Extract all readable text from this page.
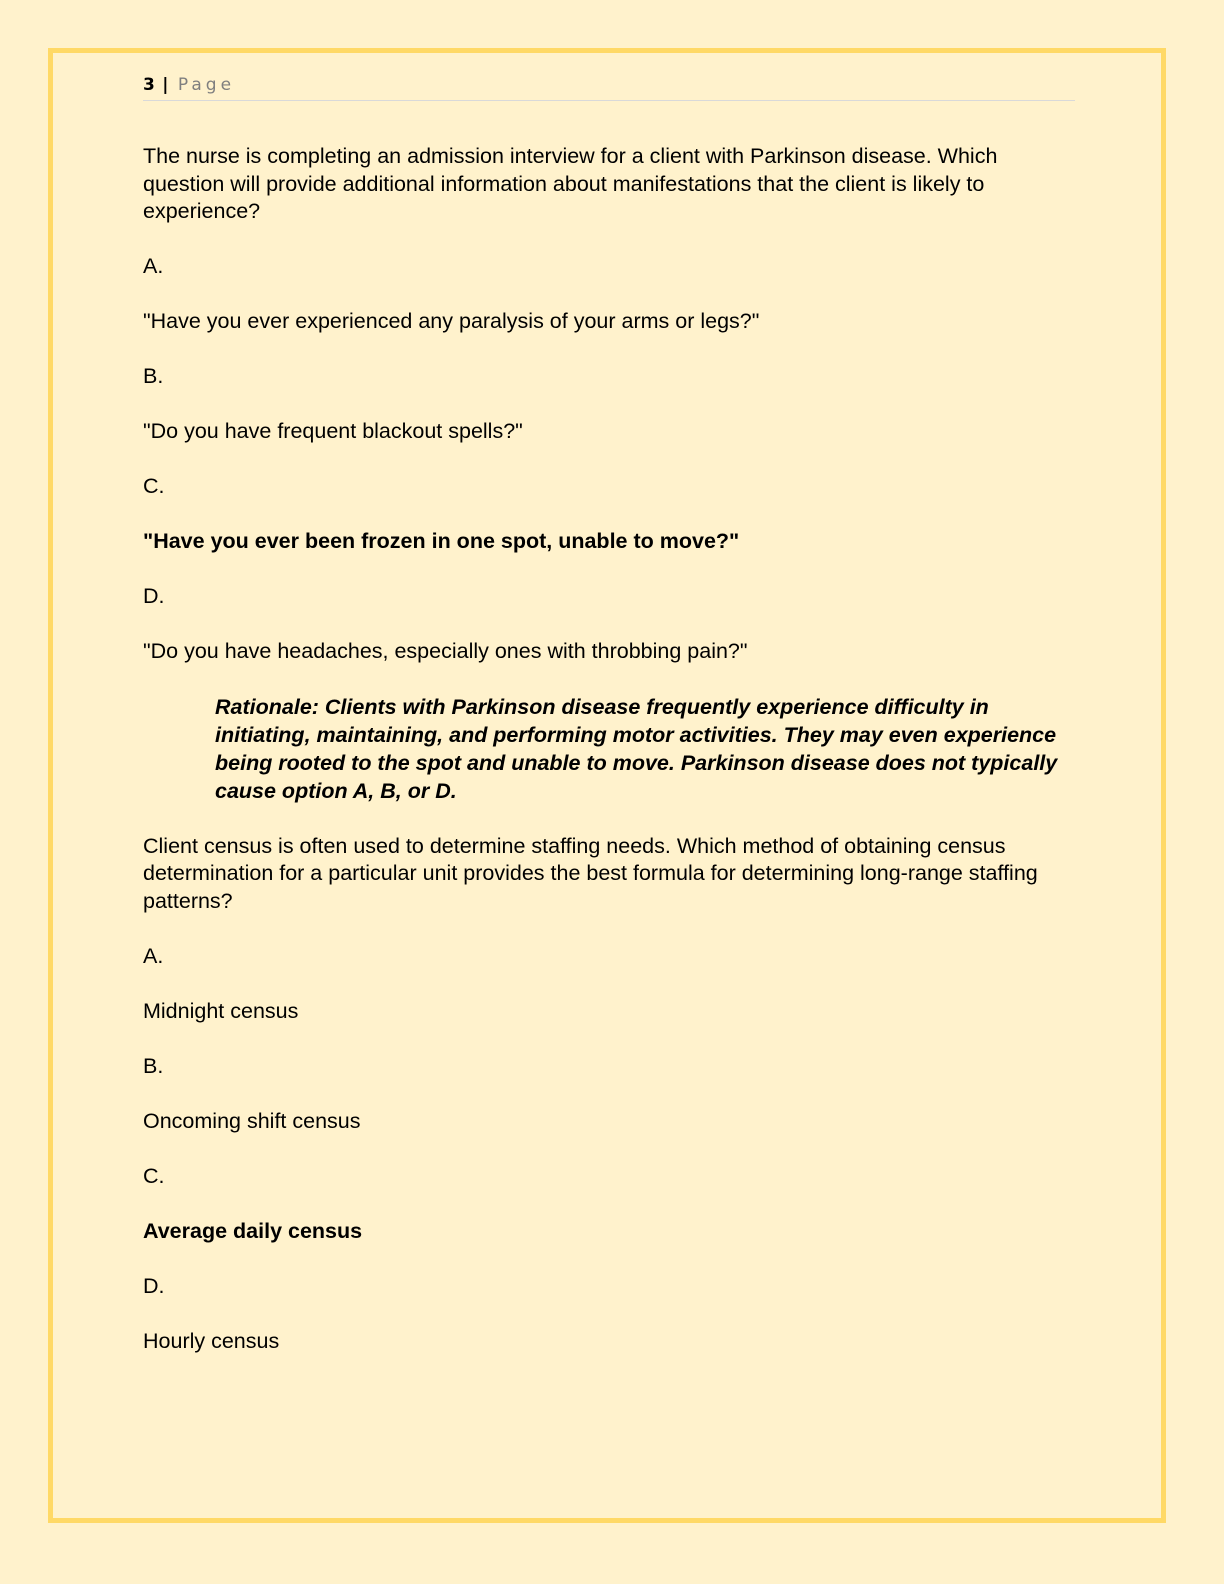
3 | Page

The nurse is completing an admission interview for a client with Parkinson disease. Which question will provide additional information about manifestations that the client is likely to experience?

A.

"Have you ever experienced any paralysis of your arms or legs?"

B.

"Do you have frequent blackout spells?"

C.

"Have you ever been frozen in one spot, unable to move?"

D.

"Do you have headaches, especially ones with throbbing pain?"

Rationale: Clients with Parkinson disease frequently experience difficulty in initiating, maintaining, and performing motor activities. They may even experience being rooted to the spot and unable to move. Parkinson disease does not typically cause option A, B, or D.

Client census is often used to determine staffing needs. Which method of obtaining census determination for a particular unit provides the best formula for determining long-range staffing patterns?

A.

Midnight census

B.

Oncoming shift census

C.

Average daily census

D.

Hourly census
